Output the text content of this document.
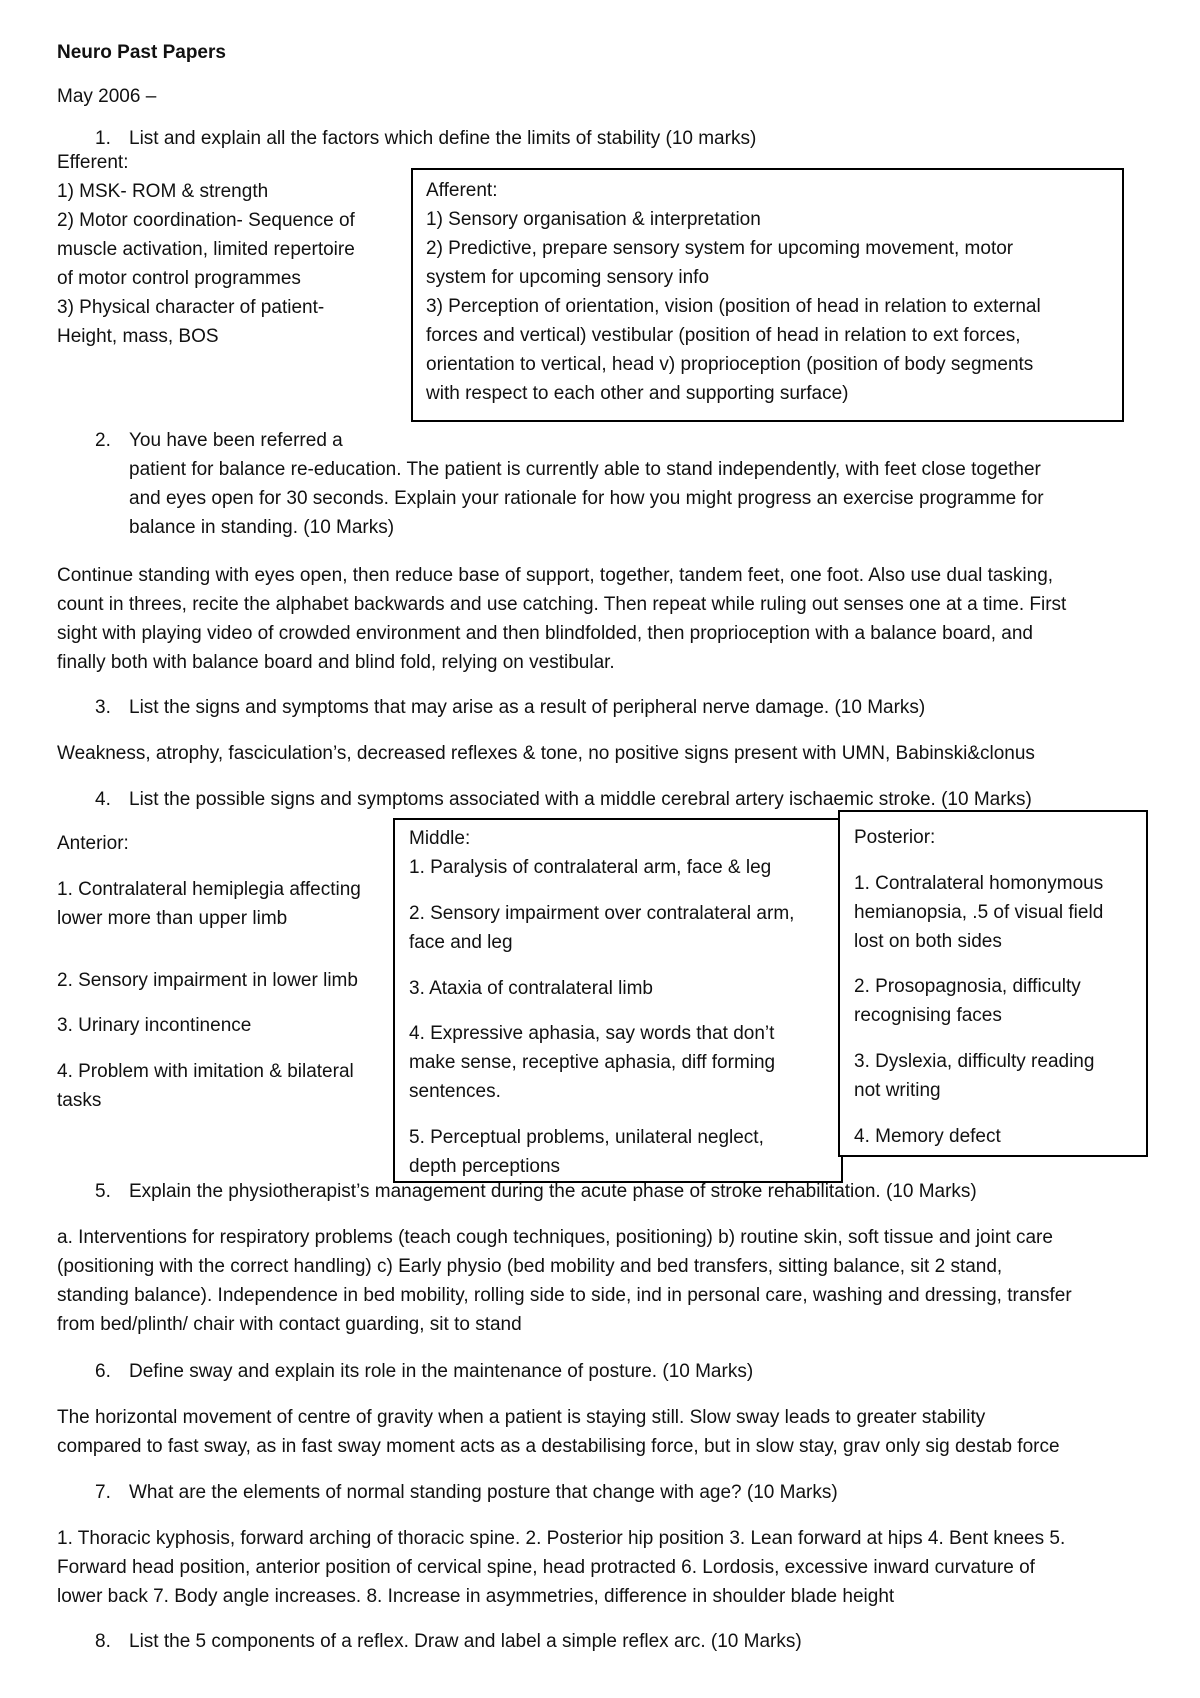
Neuro Past Papers
May 2006 –
1. List and explain all the factors which define the limits of stability (10 marks)
Efferent:
1) MSK- ROM & strength
2) Motor coordination- Sequence of
muscle activation, limited repertoire
of motor control programmes
3) Physical character of patient-
Height, mass, BOS
Afferent:
1) Sensory organisation & interpretation
2) Predictive, prepare sensory system for upcoming movement, motor
system for upcoming sensory info
3) Perception of orientation, vision (position of head in relation to external
forces and vertical) vestibular (position of head in relation to ext forces,
orientation to vertical, head v) proprioception (position of body segments
with respect to each other and supporting surface)
2. You have been referred a
patient for balance re-education. The patient is currently able to stand independently, with feet close together
and eyes open for 30 seconds. Explain your rationale for how you might progress an exercise programme for
balance in standing. (10 Marks)
Continue standing with eyes open, then reduce base of support, together, tandem feet, one foot. Also use dual tasking,
count in threes, recite the alphabet backwards and use catching. Then repeat while ruling out senses one at a time. First
sight with playing video of crowded environment and then blindfolded, then proprioception with a balance board, and
finally both with balance board and blind fold, relying on vestibular.
3. List the signs and symptoms that may arise as a result of peripheral nerve damage. (10 Marks)
Weakness, atrophy, fasciculation’s, decreased reflexes & tone, no positive signs present with UMN, Babinski&clonus
4. List the possible signs and symptoms associated with a middle cerebral artery ischaemic stroke. (10 Marks)
Anterior:
1. Contralateral hemiplegia affecting
lower more than upper limb
2. Sensory impairment in lower limb
3. Urinary incontinence
4. Problem with imitation & bilateral
tasks
Middle:
1. Paralysis of contralateral arm, face & leg
2. Sensory impairment over contralateral arm,
face and leg
3. Ataxia of contralateral limb
4. Expressive aphasia, say words that don’t
make sense, receptive aphasia, diff forming
sentences.
5. Perceptual problems, unilateral neglect,
depth perceptions
Posterior:
1. Contralateral homonymous
hemianopsia, .5 of visual field
lost on both sides
2. Prosopagnosia, difficulty
recognising faces
3. Dyslexia, difficulty reading
not writing
4. Memory defect
5. Explain the physiotherapist’s management during the acute phase of stroke rehabilitation. (10 Marks)
a. Interventions for respiratory problems (teach cough techniques, positioning) b) routine skin, soft tissue and joint care
(positioning with the correct handling) c) Early physio (bed mobility and bed transfers, sitting balance, sit 2 stand,
standing balance). Independence in bed mobility, rolling side to side, ind in personal care, washing and dressing, transfer
from bed/plinth/ chair with contact guarding, sit to stand
6. Define sway and explain its role in the maintenance of posture. (10 Marks)
The horizontal movement of centre of gravity when a patient is staying still. Slow sway leads to greater stability
compared to fast sway, as in fast sway moment acts as a destabilising force, but in slow stay, grav only sig destab force
7. What are the elements of normal standing posture that change with age? (10 Marks)
1. Thoracic kyphosis, forward arching of thoracic spine. 2. Posterior hip position 3. Lean forward at hips 4. Bent knees 5.
Forward head position, anterior position of cervical spine, head protracted 6. Lordosis, excessive inward curvature of
lower back 7. Body angle increases. 8. Increase in asymmetries, difference in shoulder blade height
8. List the 5 components of a reflex. Draw and label a simple reflex arc. (10 Marks)
